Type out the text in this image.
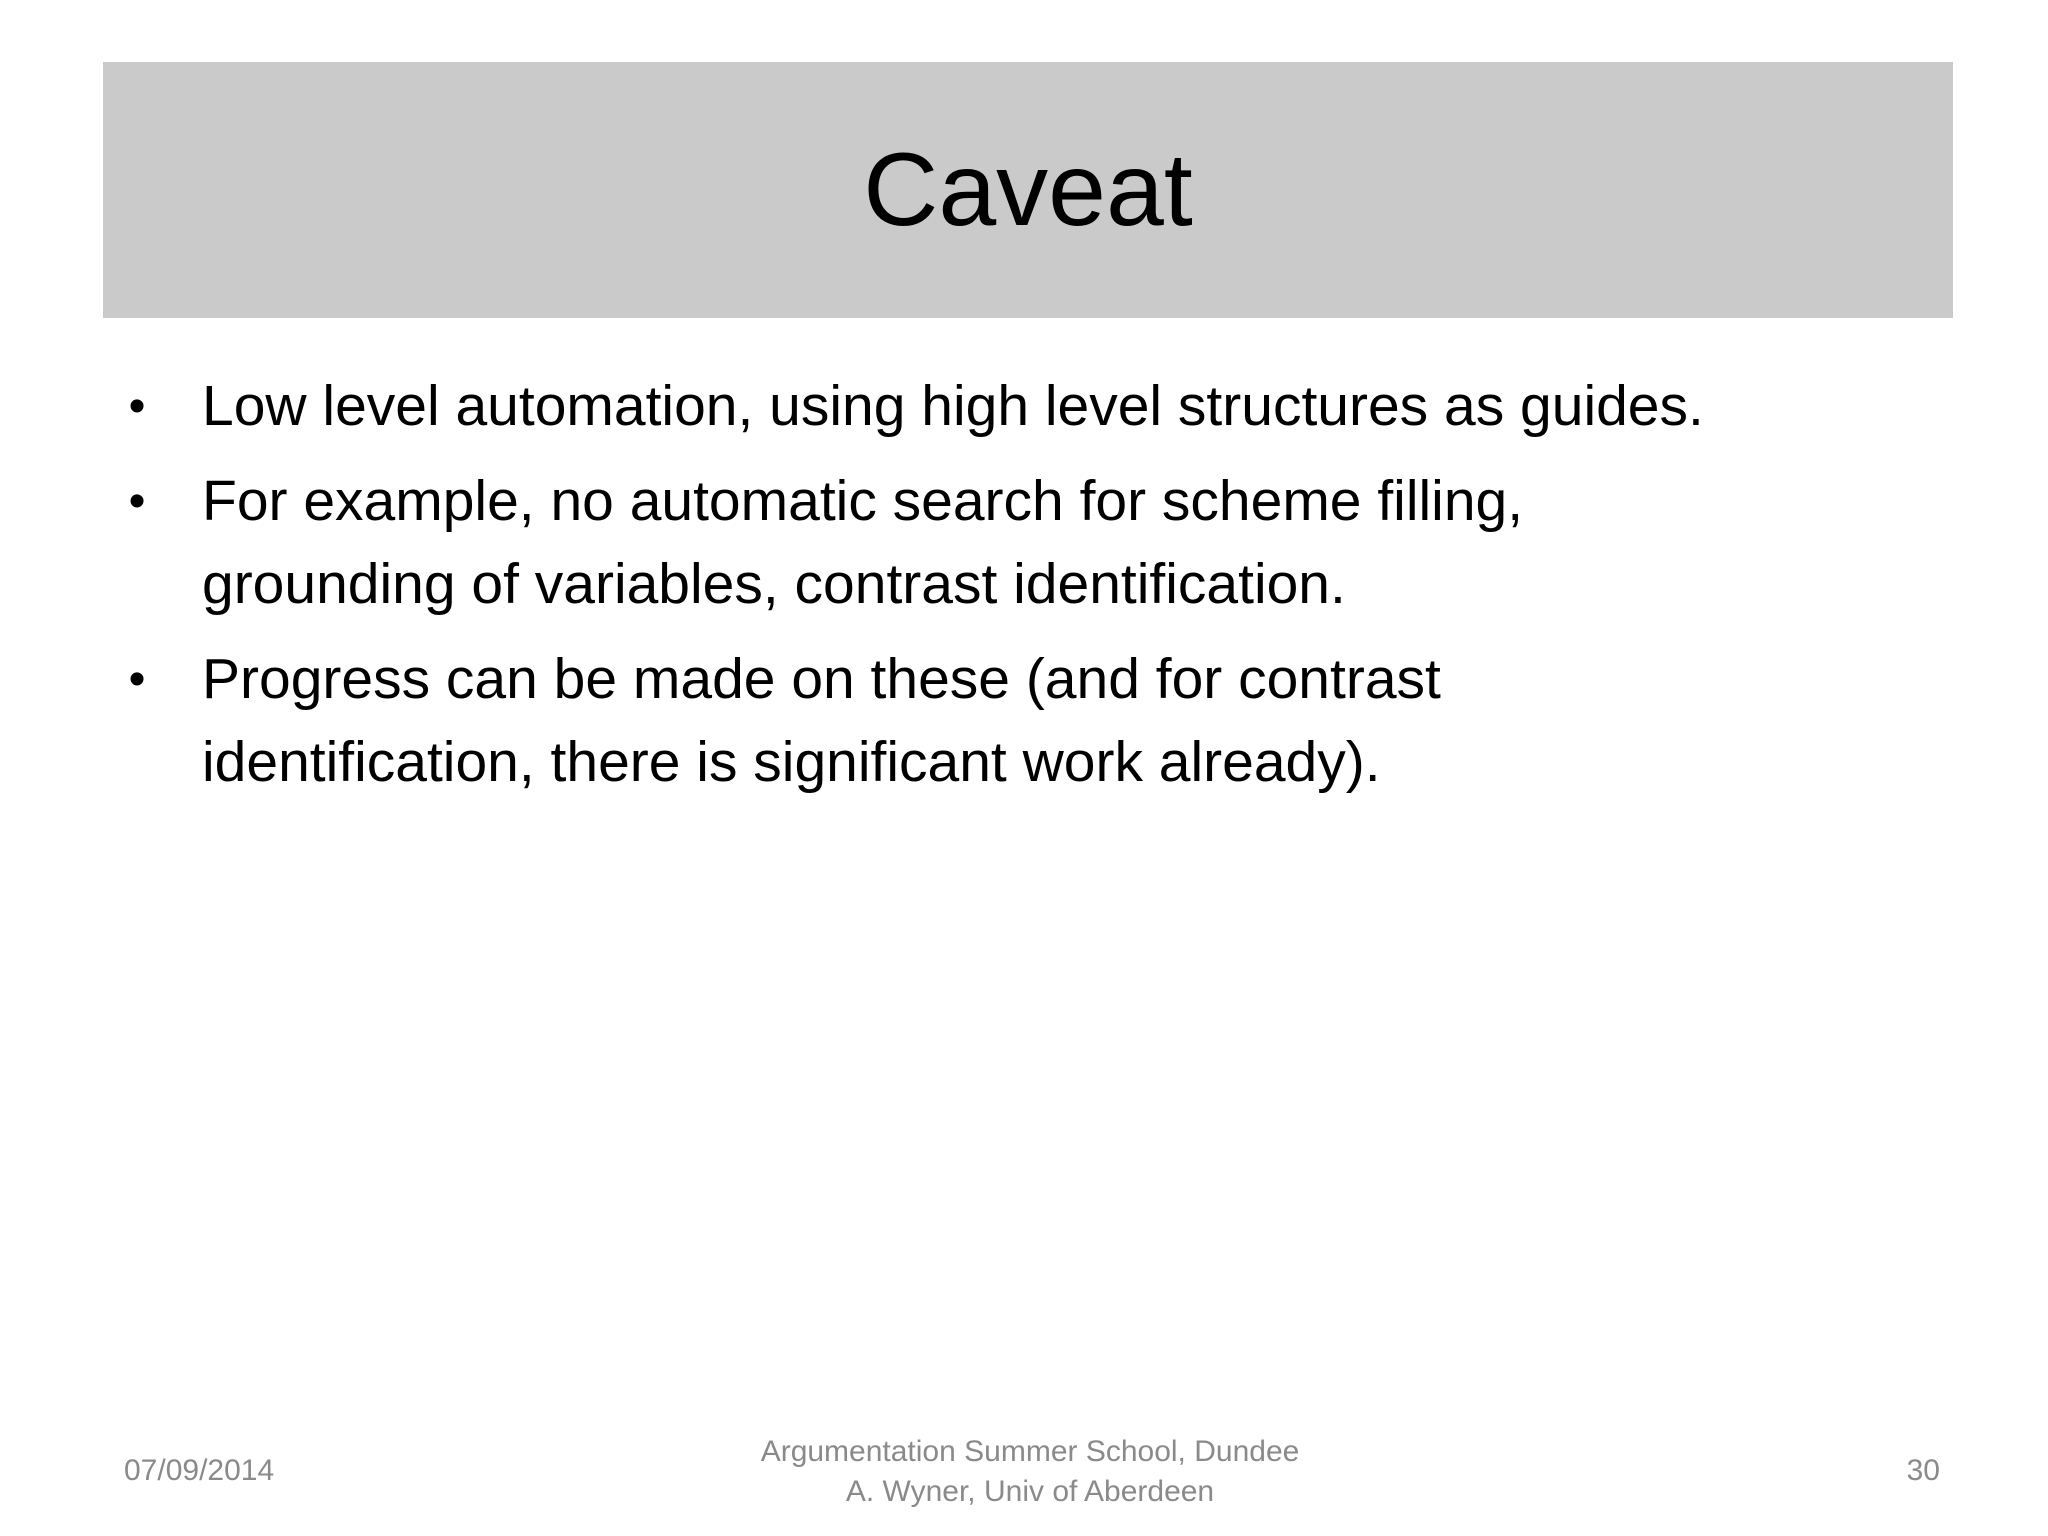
Caveat
• Low level automation, using high level structures as guides.
• For example, no automatic search for scheme filling, grounding of variables, contrast identification.
• Progress can be made on these (and for contrast identification, there is significant work already).
07/09/2014
Argumentation Summer School, Dundee
A. Wyner, Univ of Aberdeen
30
